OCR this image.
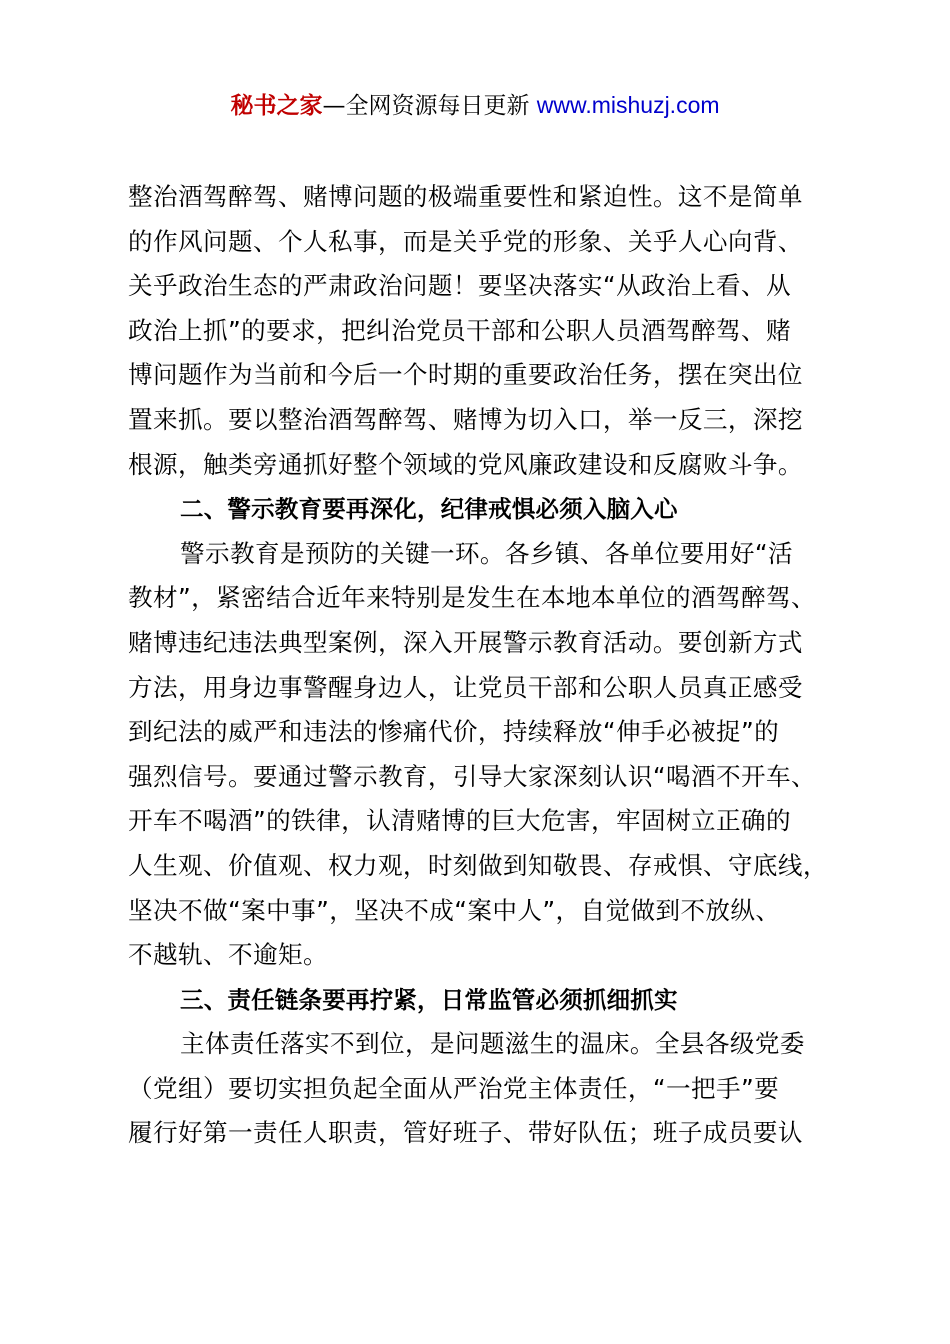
秘书之家—全网资源每日更新 www.mishuzj.com

整治酒驾醉驾、赌博问题的极端重要性和紧迫性。这不是简单
的作风问题、个人私事，而是关乎党的形象、关乎人心向背、
关乎政治生态的严肃政治问题！要坚决落实“从政治上看、从
政治上抓”的要求，把纠治党员干部和公职人员酒驾醉驾、赌
博问题作为当前和今后一个时期的重要政治任务，摆在突出位
置来抓。要以整治酒驾醉驾、赌博为切入口，举一反三，深挖
根源，触类旁通抓好整个领域的党风廉政建设和反腐败斗争。

二、警示教育要再深化，纪律戒惧必须入脑入心

警示教育是预防的关键一环。各乡镇、各单位要用好“活
教材”，紧密结合近年来特别是发生在本地本单位的酒驾醉驾、
赌博违纪违法典型案例，深入开展警示教育活动。要创新方式
方法，用身边事警醒身边人，让党员干部和公职人员真正感受
到纪法的威严和违法的惨痛代价，持续释放“伸手必被捉”的
强烈信号。要通过警示教育，引导大家深刻认识“喝酒不开车、
开车不喝酒”的铁律，认清赌博的巨大危害，牢固树立正确的
人生观、价值观、权力观，时刻做到知敬畏、存戒惧、守底线，
坚决不做“案中事”，坚决不成“案中人”，自觉做到不放纵、
不越轨、不逾矩。

三、责任链条要再拧紧，日常监管必须抓细抓实

主体责任落实不到位，是问题滋生的温床。全县各级党委
（党组）要切实担负起全面从严治党主体责任，“一把手”要
履行好第一责任人职责，管好班子、带好队伍；班子成员要认
